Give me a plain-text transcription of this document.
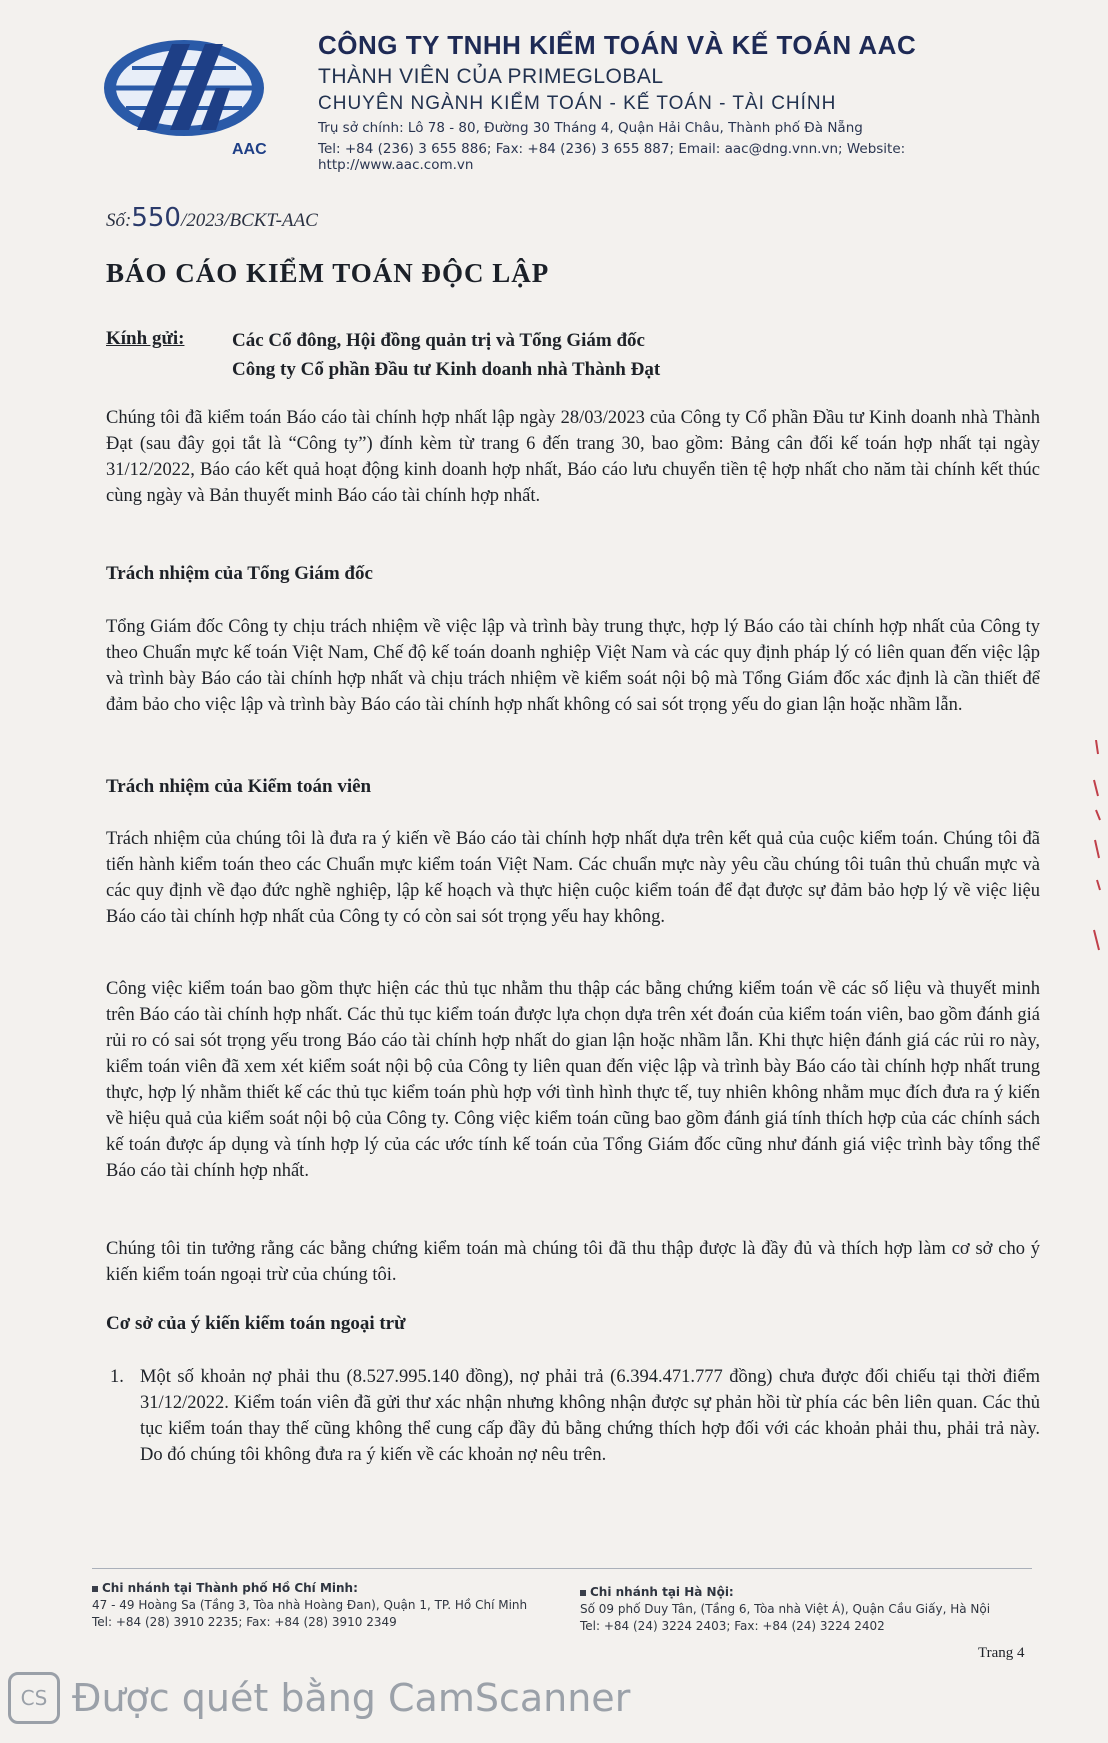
AAC
CÔNG TY TNHH KIỂM TOÁN VÀ KẾ TOÁN AAC
THÀNH VIÊN CỦA PRIMEGLOBAL
CHUYÊN NGÀNH KIỂM TOÁN - KẾ TOÁN - TÀI CHÍNH
Trụ sở chính: Lô 78 - 80, Đường 30 Tháng 4, Quận Hải Châu, Thành phố Đà Nẵng
Tel: +84 (236) 3 655 886; Fax: +84 (236) 3 655 887; Email: aac@dng.vnn.vn; Website: http://www.aac.com.vn
Số:550/2023/BCKT-AAC
BÁO CÁO KIỂM TOÁN ĐỘC LẬP
Kính gửi:	Các Cổ đông, Hội đồng quản trị và Tổng Giám đốc
Công ty Cổ phần Đầu tư Kinh doanh nhà Thành Đạt
Chúng tôi đã kiểm toán Báo cáo tài chính hợp nhất lập ngày 28/03/2023 của Công ty Cổ phần Đầu tư Kinh doanh nhà Thành Đạt (sau đây gọi tắt là “Công ty”) đính kèm từ trang 6 đến trang 30, bao gồm: Bảng cân đối kế toán hợp nhất tại ngày 31/12/2022, Báo cáo kết quả hoạt động kinh doanh hợp nhất, Báo cáo lưu chuyển tiền tệ hợp nhất cho năm tài chính kết thúc cùng ngày và Bản thuyết minh Báo cáo tài chính hợp nhất.
Trách nhiệm của Tổng Giám đốc
Tổng Giám đốc Công ty chịu trách nhiệm về việc lập và trình bày trung thực, hợp lý Báo cáo tài chính hợp nhất của Công ty theo Chuẩn mực kế toán Việt Nam, Chế độ kế toán doanh nghiệp Việt Nam và các quy định pháp lý có liên quan đến việc lập và trình bày Báo cáo tài chính hợp nhất và chịu trách nhiệm về kiểm soát nội bộ mà Tổng Giám đốc xác định là cần thiết để đảm bảo cho việc lập và trình bày Báo cáo tài chính hợp nhất không có sai sót trọng yếu do gian lận hoặc nhầm lẫn.
Trách nhiệm của Kiểm toán viên
Trách nhiệm của chúng tôi là đưa ra ý kiến về Báo cáo tài chính hợp nhất dựa trên kết quả của cuộc kiểm toán. Chúng tôi đã tiến hành kiểm toán theo các Chuẩn mực kiểm toán Việt Nam. Các chuẩn mực này yêu cầu chúng tôi tuân thủ chuẩn mực và các quy định về đạo đức nghề nghiệp, lập kế hoạch và thực hiện cuộc kiểm toán để đạt được sự đảm bảo hợp lý về việc liệu Báo cáo tài chính hợp nhất của Công ty có còn sai sót trọng yếu hay không.
Công việc kiểm toán bao gồm thực hiện các thủ tục nhằm thu thập các bằng chứng kiểm toán về các số liệu và thuyết minh trên Báo cáo tài chính hợp nhất. Các thủ tục kiểm toán được lựa chọn dựa trên xét đoán của kiểm toán viên, bao gồm đánh giá rủi ro có sai sót trọng yếu trong Báo cáo tài chính hợp nhất do gian lận hoặc nhầm lẫn. Khi thực hiện đánh giá các rủi ro này, kiểm toán viên đã xem xét kiểm soát nội bộ của Công ty liên quan đến việc lập và trình bày Báo cáo tài chính hợp nhất trung thực, hợp lý nhằm thiết kế các thủ tục kiểm toán phù hợp với tình hình thực tế, tuy nhiên không nhằm mục đích đưa ra ý kiến về hiệu quả của kiểm soát nội bộ của Công ty. Công việc kiểm toán cũng bao gồm đánh giá tính thích hợp của các chính sách kế toán được áp dụng và tính hợp lý của các ước tính kế toán của Tổng Giám đốc cũng như đánh giá việc trình bày tổng thể Báo cáo tài chính hợp nhất.
Chúng tôi tin tưởng rằng các bằng chứng kiểm toán mà chúng tôi đã thu thập được là đầy đủ và thích hợp làm cơ sở cho ý kiến kiểm toán ngoại trừ của chúng tôi.
Cơ sở của ý kiến kiểm toán ngoại trừ
1. Một số khoản nợ phải thu (8.527.995.140 đồng), nợ phải trả (6.394.471.777 đồng) chưa được đối chiếu tại thời điểm 31/12/2022. Kiểm toán viên đã gửi thư xác nhận nhưng không nhận được sự phản hồi từ phía các bên liên quan. Các thủ tục kiểm toán thay thế cũng không thể cung cấp đầy đủ bằng chứng thích hợp đối với các khoản phải thu, phải trả này. Do đó chúng tôi không đưa ra ý kiến về các khoản nợ nêu trên.
Chi nhánh tại Thành phố Hồ Chí Minh:
47 - 49 Hoàng Sa (Tầng 3, Tòa nhà Hoàng Đan), Quận 1, TP. Hồ Chí Minh
Tel: +84 (28) 3910 2235; Fax: +84 (28) 3910 2349
Chi nhánh tại Hà Nội:
Số 09 phố Duy Tân, (Tầng 6, Tòa nhà Việt Á), Quận Cầu Giấy, Hà Nội
Tel: +84 (24) 3224 2403; Fax: +84 (24) 3224 2402
Trang 4
CS Được quét bằng CamScanner
